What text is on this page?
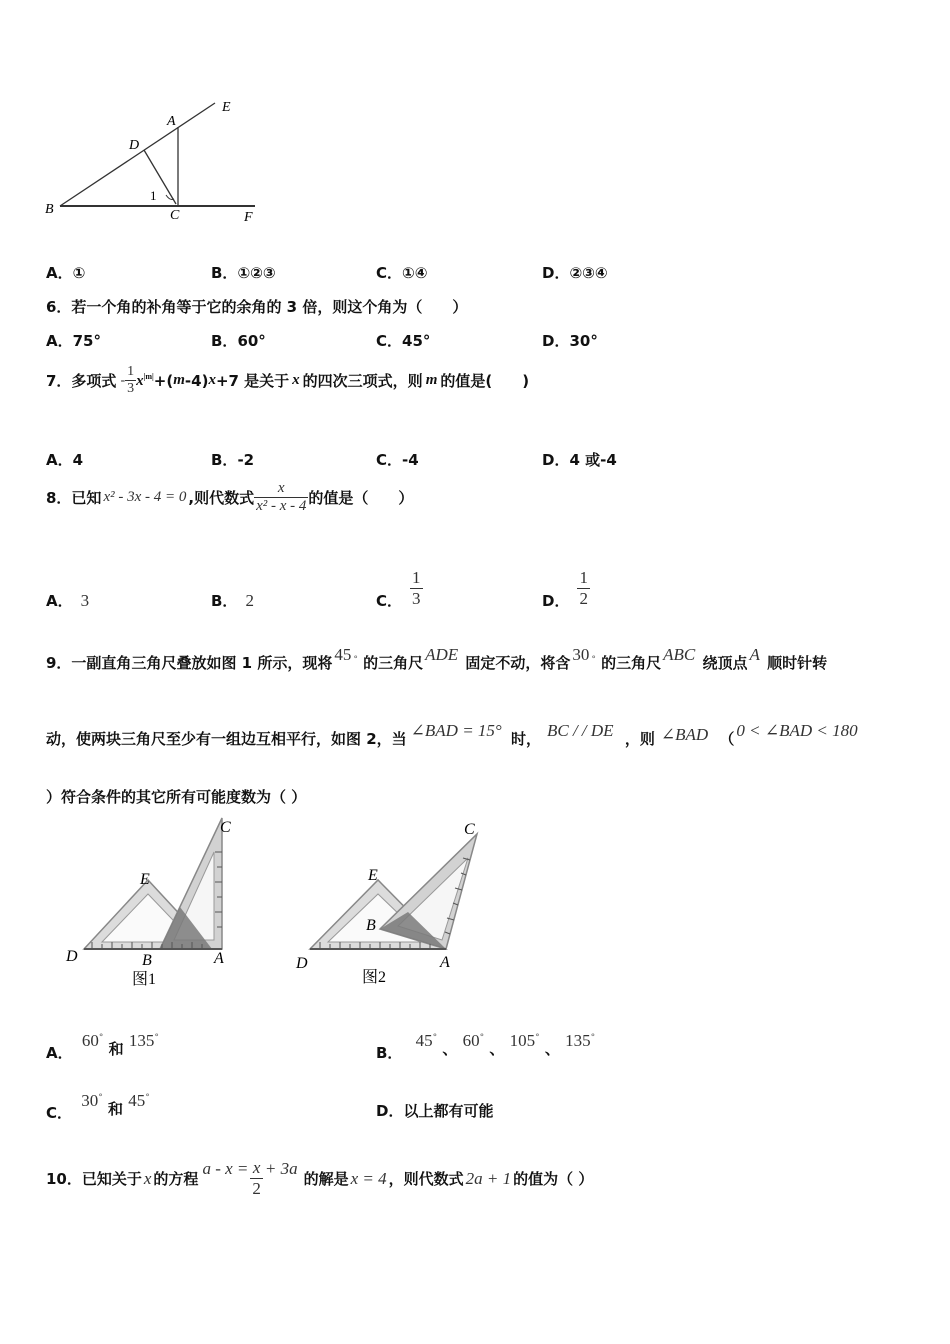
E
A
D
1
B	C	F
A．①	B．①②③	C．①④	D．②③④
6．若一个角的补角等于它的余角的 3 倍，则这个角为（　　）
A．75°	B．60°	C．45°	D．30°
7．多项式 - $\frac{1}{3} x^{|m|}$ +( m -4) x +7 是关于 x 的四次三项式，则 m 的值是(　　)
A．4	B．-2	C．-4	D．4 或-4
8．已知 x² - 3x - 4 = 0 ,则代数式 $\frac{x}{\text{x² - x - 4}}$ 的值是（　　）
A． 3	B． 2	C． $\frac{1}{3}$	D． $\frac{1}{2}$
9．一副直角三角尺叠放如图 1 所示，现将 45 ° 的三角尺 ADE 固定不动，将含 30 ° 的三角尺 ABC 绕顶点 A 顺时针转
动，使两块三角尺至少有一组边互相平行，如图 2，当 ∠BAD = 15° 时， BC / / DE ，则 ∠BAD （ 0 < ∠BAD < 180
）符合条件的其它所有可能度数为（ ）
C
E
D	B	A
图1
C
E
D
B
A
图2
A． 60° 和 135°
B． 45° 、 60° 、 105° 、 135°
C． 30° 和 45°
D．以上都有可能
10．已知关于 x 的方程
$a - x = \frac{x}{2} + 3a$
的解是 x = 4 ，则代数式 2a + 1 的值为（ ）
